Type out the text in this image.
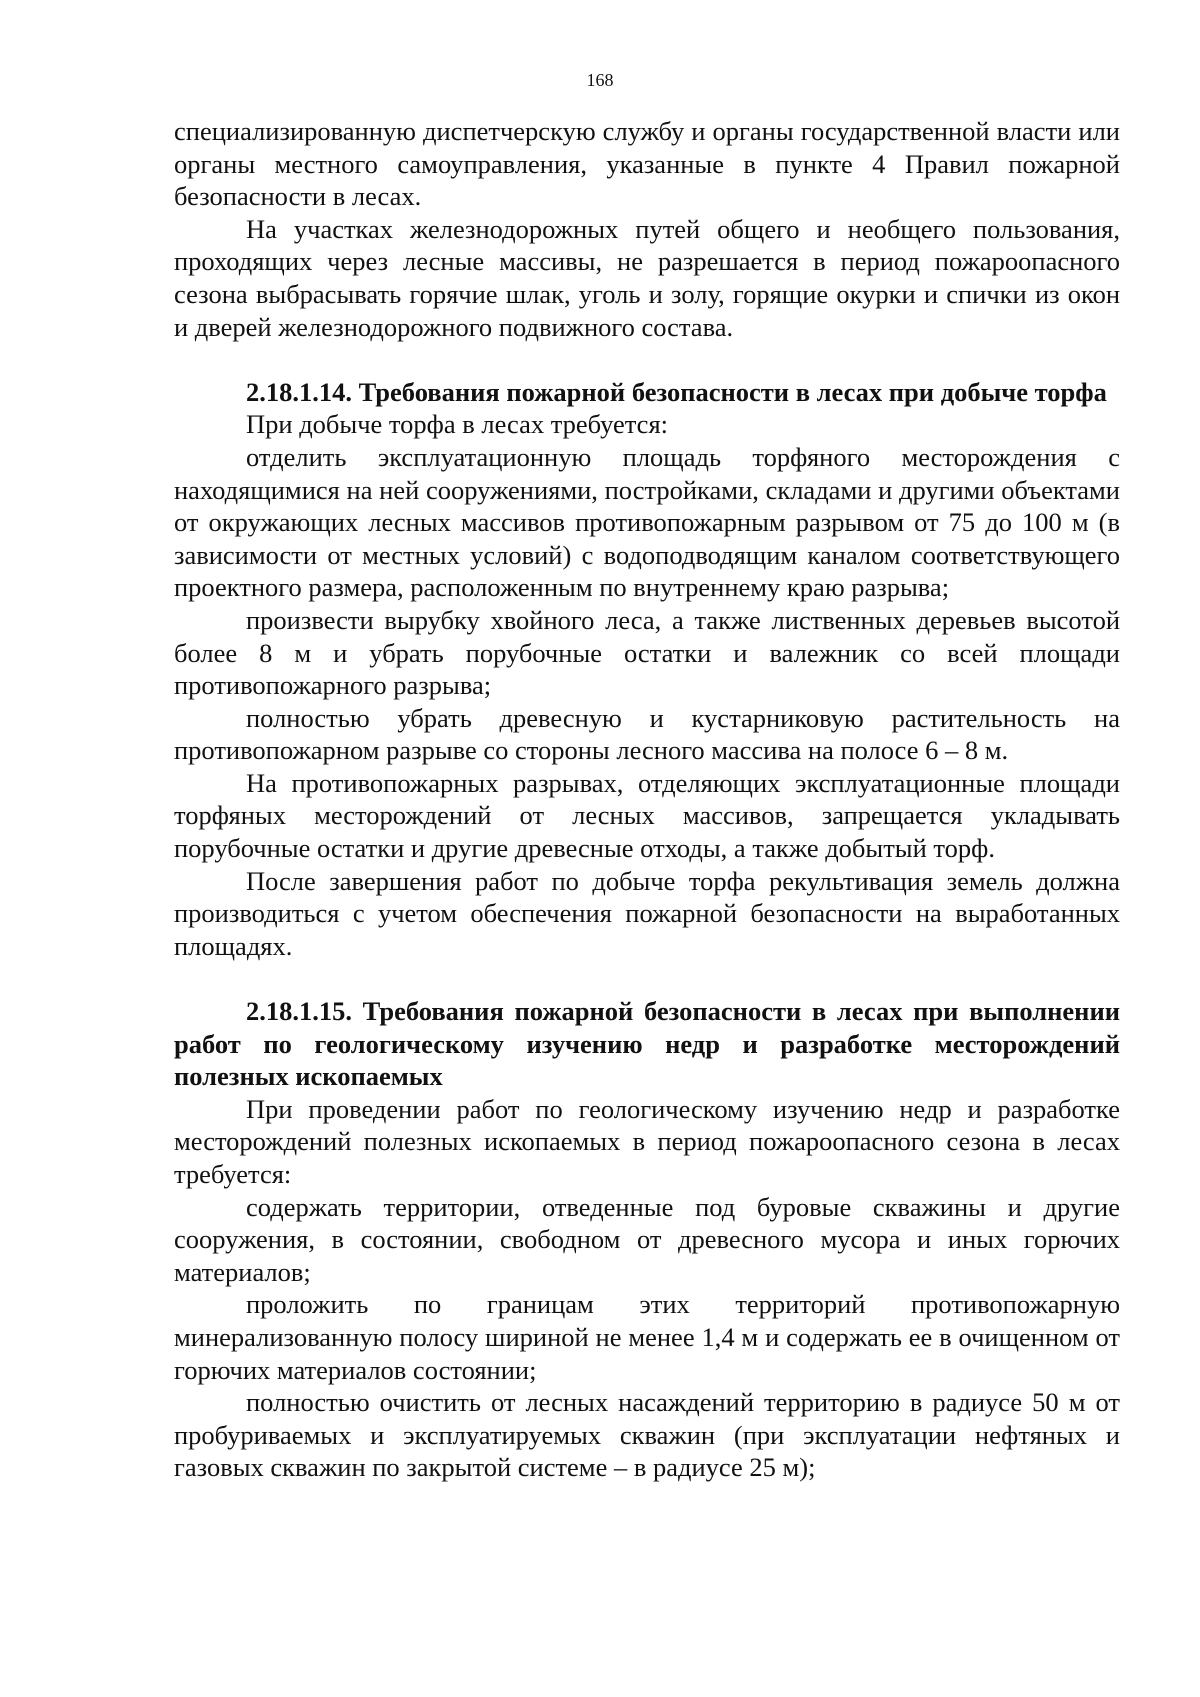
168

специализированную диспетчерскую службу и органы государственной власти или органы местного самоуправления, указанные в пункте 4 Правил пожарной безопасности в лесах.

На участках железнодорожных путей общего и необщего пользования, проходящих через лесные массивы, не разрешается в период пожароопасного сезона выбрасывать горячие шлак, уголь и золу, горящие окурки и спички из окон и дверей железнодорожного подвижного состава.

2.18.1.14. Требования пожарной безопасности в лесах при добыче торфа

При добыче торфа в лесах требуется:

отделить эксплуатационную площадь торфяного месторождения с находящимися на ней сооружениями, постройками, складами и другими объектами от окружающих лесных массивов противопожарным разрывом от 75 до 100 м (в зависимости от местных условий) с водоподводящим каналом соответствующего проектного размера, расположенным по внутреннему краю разрыва;

произвести вырубку хвойного леса, а также лиственных деревьев высотой более 8 м и убрать порубочные остатки и валежник со всей площади противопожарного разрыва;

полностью убрать древесную и кустарниковую растительность на противопожарном разрыве со стороны лесного массива на полосе 6 – 8 м.

На противопожарных разрывах, отделяющих эксплуатационные площади торфяных месторождений от лесных массивов, запрещается укладывать порубочные остатки и другие древесные отходы, а также добытый торф.

После завершения работ по добыче торфа рекультивация земель должна производиться с учетом обеспечения пожарной безопасности на выработанных площадях.

2.18.1.15. Требования пожарной безопасности в лесах при выполнении работ по геологическому изучению недр и разработке месторождений полезных ископаемых

При проведении работ по геологическому изучению недр и разработке месторождений полезных ископаемых в период пожароопасного сезона в лесах требуется:

содержать территории, отведенные под буровые скважины и другие сооружения, в состоянии, свободном от древесного мусора и иных горючих материалов;

проложить по границам этих территорий противопожарную минерализованную полосу шириной не менее 1,4 м и содержать ее в очищенном от горючих материалов состоянии;

полностью очистить от лесных насаждений территорию в радиусе 50 м от пробуриваемых и эксплуатируемых скважин (при эксплуатации нефтяных и газовых скважин по закрытой системе – в радиусе 25 м);
